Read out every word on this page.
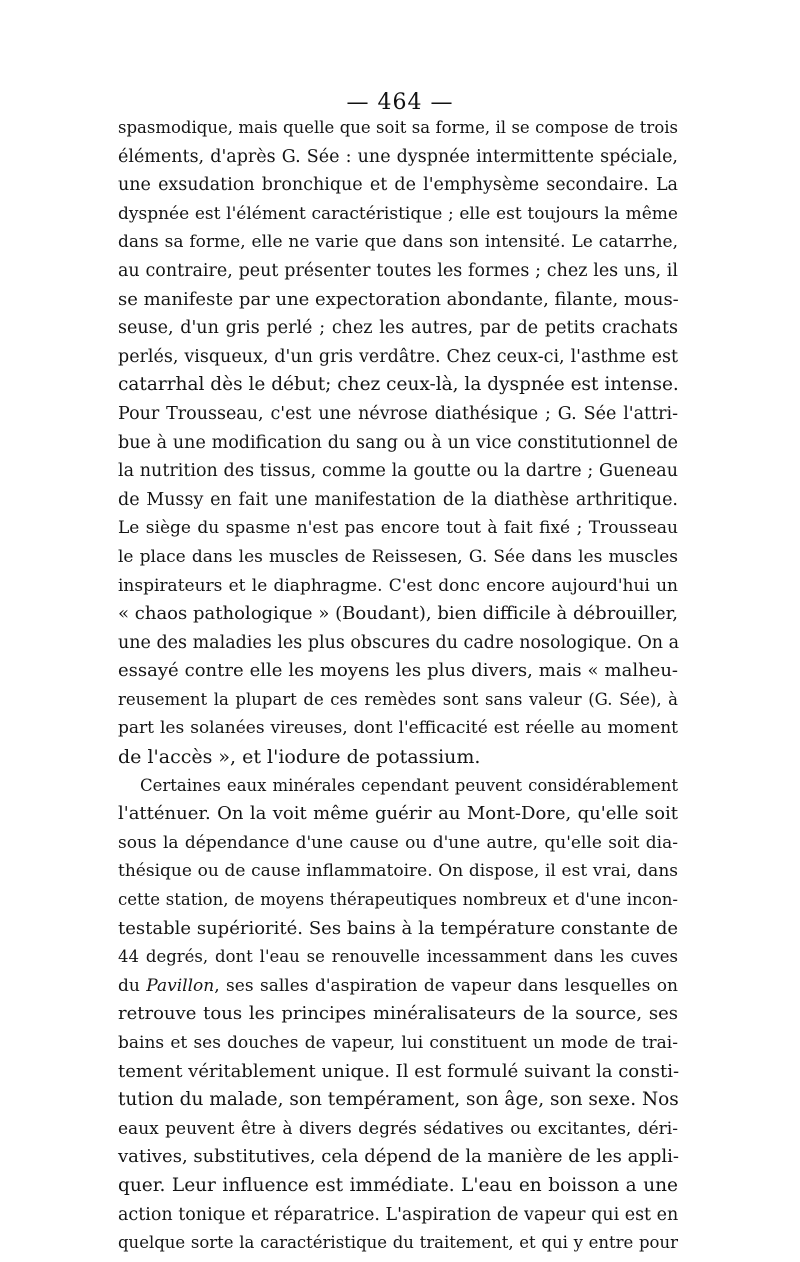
— 464 —
spasmodique, mais quelle que soit sa forme, il se compose de trois
éléments, d'après G. Sée : une dyspnée intermittente spéciale,
une exsudation bronchique et de l'emphysème secondaire. La
dyspnée est l'élément caractéristique ; elle est toujours la même
dans sa forme, elle ne varie que dans son intensité. Le catarrhe,
au contraire, peut présenter toutes les formes ; chez les uns, il
se manifeste par une expectoration abondante, filante, mous-
seuse, d'un gris perlé ; chez les autres, par de petits crachats
perlés, visqueux, d'un gris verdâtre. Chez ceux-ci, l'asthme est
catarrhal dès le début; chez ceux-là, la dyspnée est intense.
Pour Trousseau, c'est une névrose diathésique ; G. Sée l'attri-
bue à une modification du sang ou à un vice constitutionnel de
la nutrition des tissus, comme la goutte ou la dartre ; Gueneau
de Mussy en fait une manifestation de la diathèse arthritique.
Le siège du spasme n'est pas encore tout à fait fixé ; Trousseau
le place dans les muscles de Reissesen, G. Sée dans les muscles
inspirateurs et le diaphragme. C'est donc encore aujourd'hui un
« chaos pathologique » (Boudant), bien difficile à débrouiller,
une des maladies les plus obscures du cadre nosologique. On a
essayé contre elle les moyens les plus divers, mais « malheu-
reusement la plupart de ces remèdes sont sans valeur (G. Sée), à
part les solanées vireuses, dont l'efficacité est réelle au moment
de l'accès », et l'iodure de potassium.
Certaines eaux minérales cependant peuvent considérablement
l'atténuer. On la voit même guérir au Mont-Dore, qu'elle soit
sous la dépendance d'une cause ou d'une autre, qu'elle soit dia-
thésique ou de cause inflammatoire. On dispose, il est vrai, dans
cette station, de moyens thérapeutiques nombreux et d'une incon-
testable supériorité. Ses bains à la température constante de
44 degrés, dont l'eau se renouvelle incessamment dans les cuves
du Pavillon, ses salles d'aspiration de vapeur dans lesquelles on
retrouve tous les principes minéralisateurs de la source, ses
bains et ses douches de vapeur, lui constituent un mode de trai-
tement véritablement unique. Il est formulé suivant la consti-
tution du malade, son tempérament, son âge, son sexe. Nos
eaux peuvent être à divers degrés sédatives ou excitantes, déri-
vatives, substitutives, cela dépend de la manière de les appli-
quer. Leur influence est immédiate. L'eau en boisson a une
action tonique et réparatrice. L'aspiration de vapeur qui est en
quelque sorte la caractéristique du traitement, et qui y entre pour
